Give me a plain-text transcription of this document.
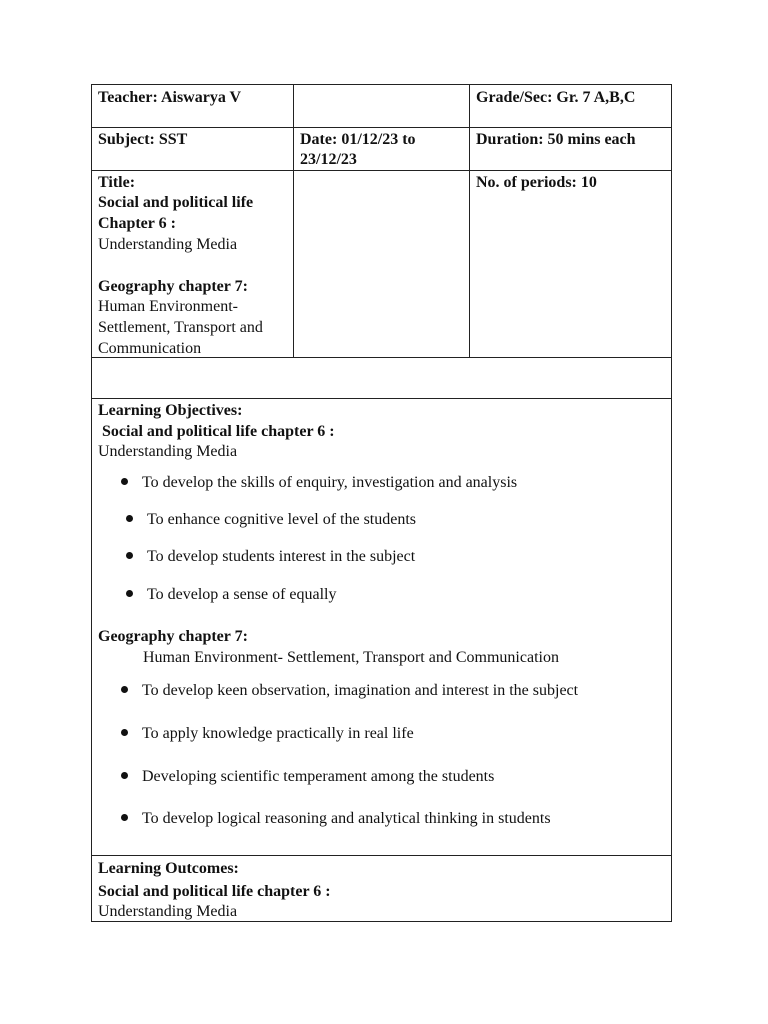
Teacher: Aiswarya V	Grade/Sec: Gr. 7 A,B,C
Subject: SST	Date: 01/12/23 to
23/12/23
Duration: 50 mins each
Title:
Social and political life
Chapter 6 :
Understanding Media
Geography chapter 7:
Human Environment-
Settlement, Transport and
Communication
No. of periods: 10
Learning Objectives:
Social and political life chapter 6 :
Understanding Media
To develop the skills of enquiry, investigation and analysis
To enhance cognitive level of the students
To develop students interest in the subject
To develop a sense of equally
Geography chapter 7:
Human Environment- Settlement, Transport and Communication
To develop keen observation, imagination and interest in the subject
To apply knowledge practically in real life
Developing scientific temperament among the students
To develop logical reasoning and analytical thinking in students
Learning Outcomes:
Social and political life chapter 6 :
Understanding Media
